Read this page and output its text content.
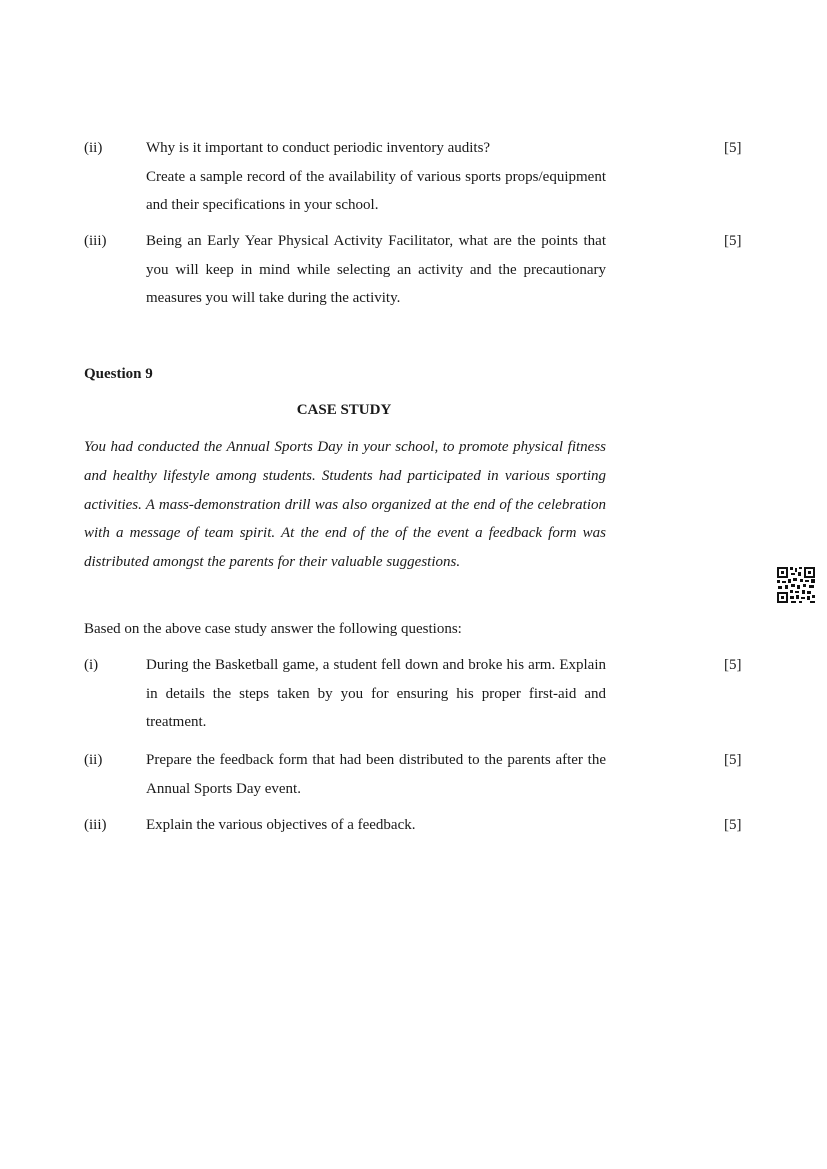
(ii)	Why is it important to conduct periodic inventory audits?

Create a sample record of the availability of various sports props/equipment and their specifications in your school.

[5]
(iii)	Being an Early Year Physical Activity Facilitator, what are the points that you will keep in mind while selecting an activity and the precautionary measures you will take during the activity.

[5]
Question 9
CASE STUDY

You had conducted the Annual Sports Day in your school, to promote physical fitness and healthy lifestyle among students. Students had participated in various sporting activities. A mass-demonstration drill was also organized at the end of the celebration with a message of team spirit. At the end of the of the event a feedback form was distributed amongst the parents for their valuable suggestions.

Based on the above case study answer the following questions:
(i)	During the Basketball game, a student fell down and broke his arm. Explain in details the steps taken by you for ensuring his proper first-aid and treatment.
[5]
(ii)	Prepare the feedback form that had been distributed to the parents after the Annual Sports Day event.
[5]
(iii)	Explain the various objectives of a feedback.	[5]
